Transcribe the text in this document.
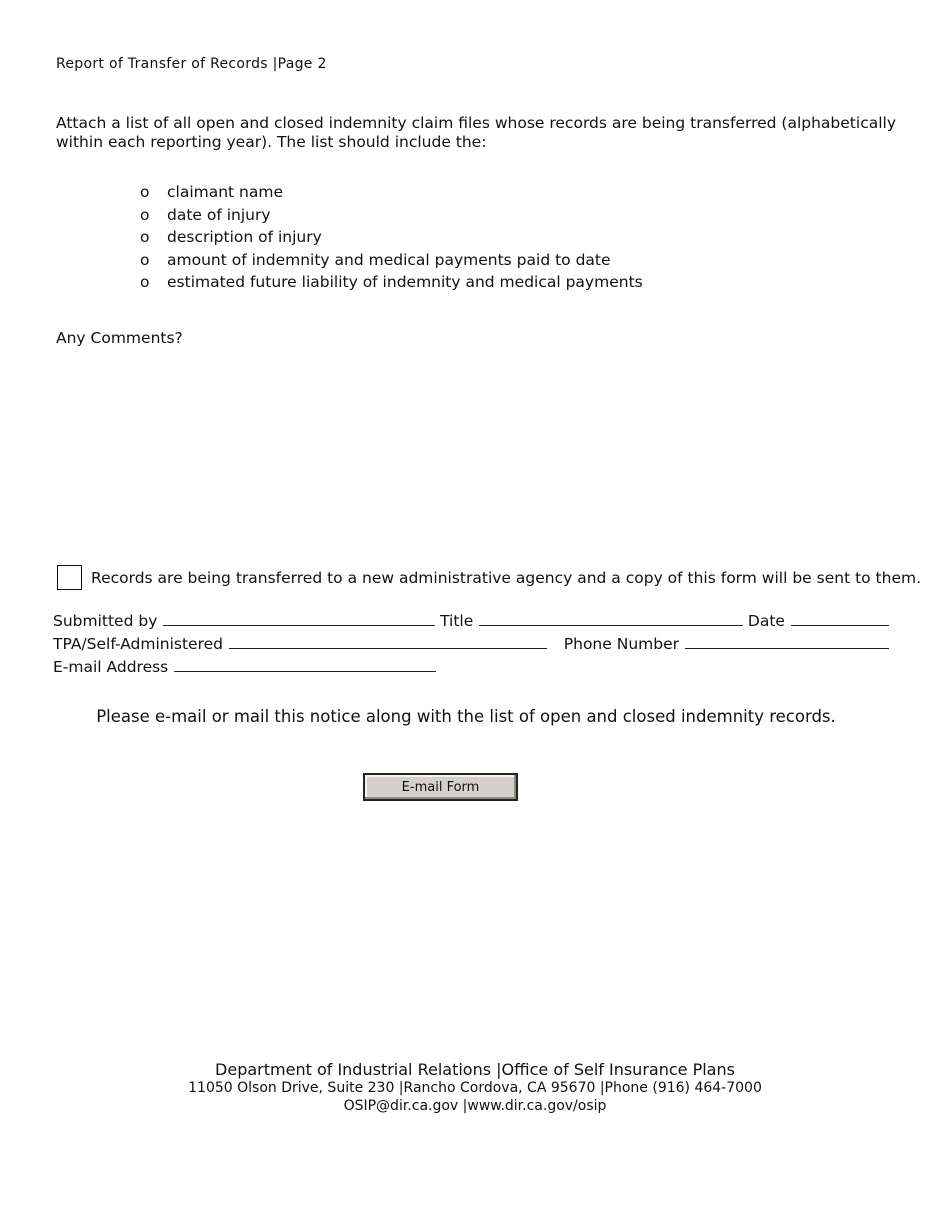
Report of Transfer of Records |Page 2
Attach a list of all open and closed indemnity claim files whose records are being transferred (alphabetically within each reporting year). The list should include the:
o	claimant name
o	date of injury
o	description of injury
o	amount of indemnity and medical payments paid to date
o	estimated future liability of indemnity and medical payments
Any Comments?
Records are being transferred to a new administrative agency and a copy of this form will be sent to them.
Submitted by	Title	Date
TPA/Self-Administered	Phone Number
E-mail Address
Please e-mail or mail this notice along with the list of open and closed indemnity records.
E-mail Form
Department of Industrial Relations |Office of Self Insurance Plans
11050 Olson Drive, Suite 230 |Rancho Cordova, CA 95670 |Phone (916) 464-7000
OSIP@dir.ca.gov |www.dir.ca.gov/osip
